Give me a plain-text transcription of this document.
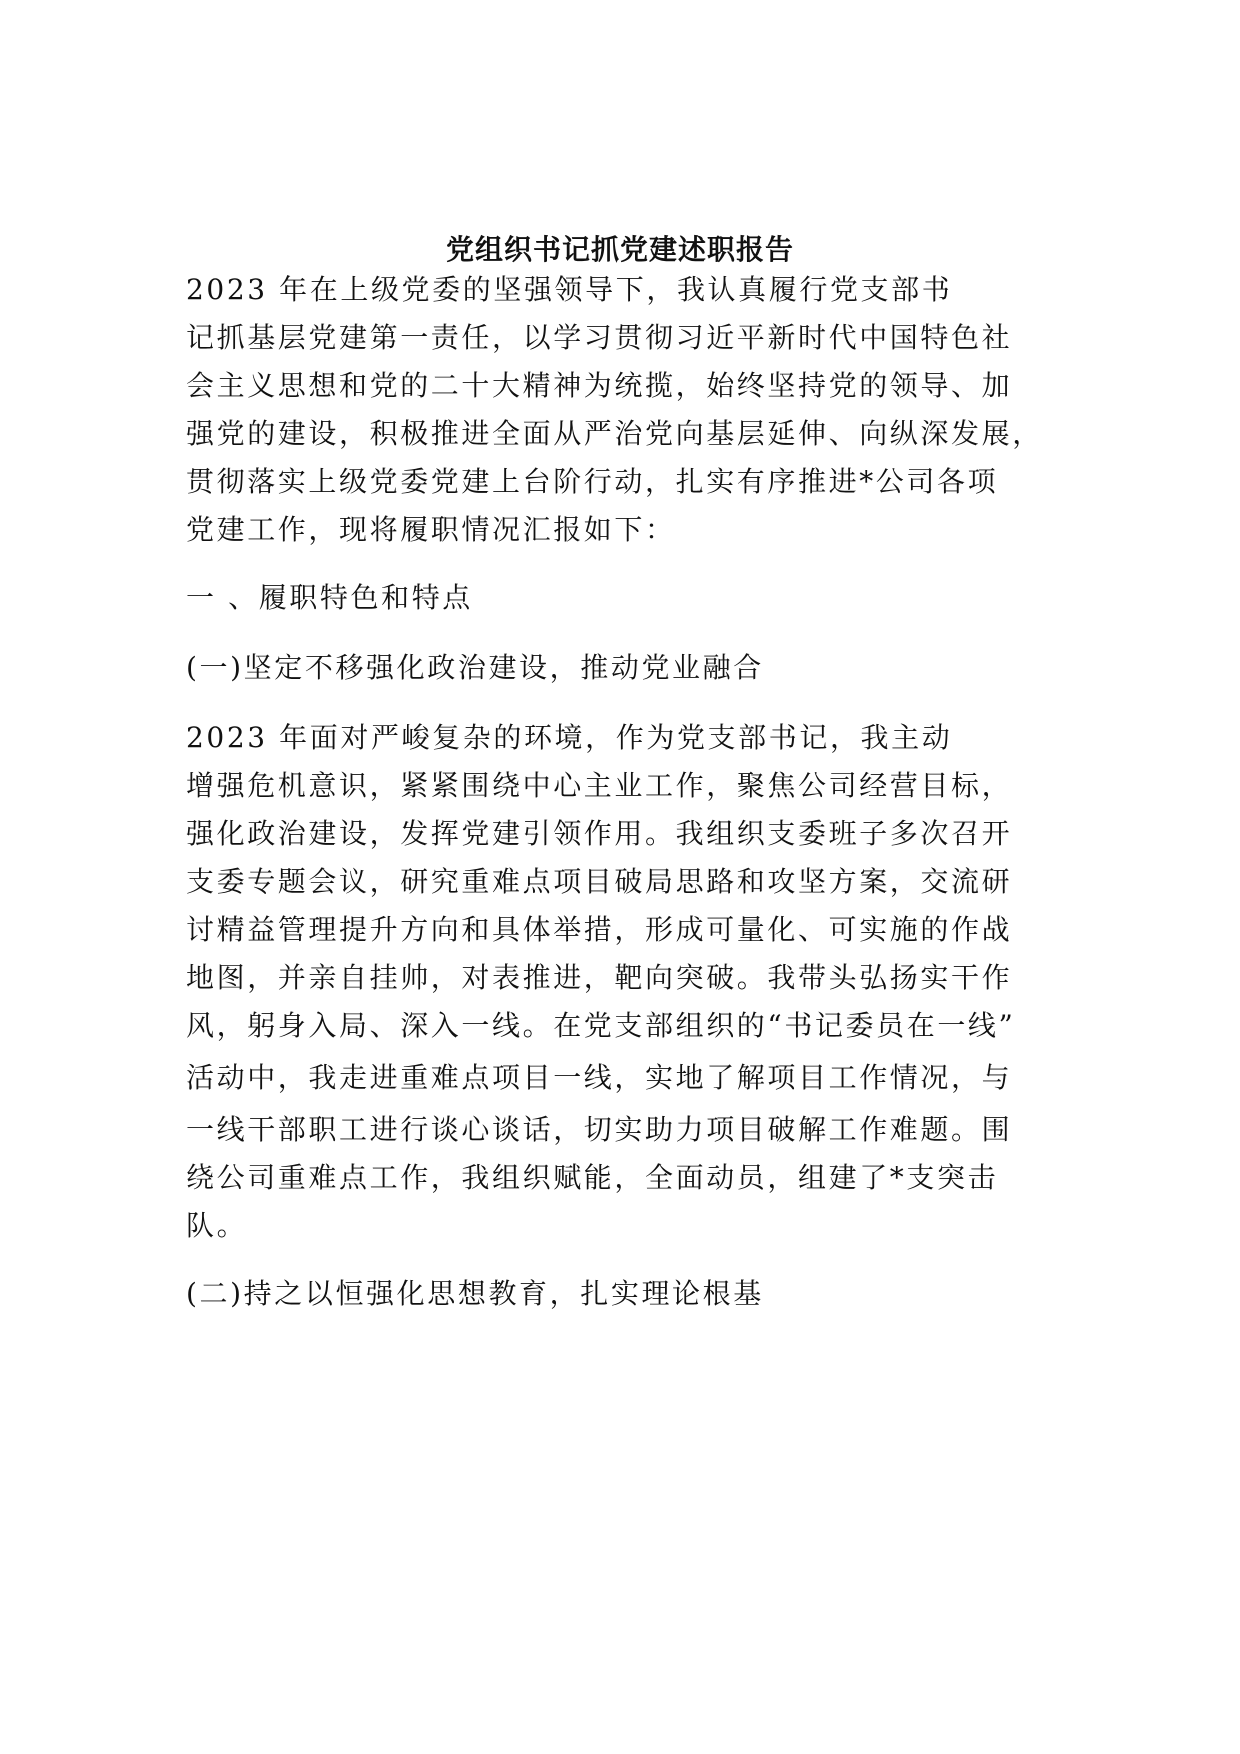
党组织书记抓党建述职报告
2023 年在上级党委的坚强领导下，我认真履行党支部书
记抓基层党建第一责任，以学习贯彻习近平新时代中国特色社
会主义思想和党的二十大精神为统揽，始终坚持党的领导、加
强党的建设，积极推进全面从严治党向基层延伸、向纵深发展，
贯彻落实上级党委党建上台阶行动，扎实有序推进*公司各项
党建工作，现将履职情况汇报如下：
一 、履职特色和特点
(一)坚定不移强化政治建设，推动党业融合
2023 年面对严峻复杂的环境，作为党支部书记，我主动
增强危机意识，紧紧围绕中心主业工作，聚焦公司经营目标，
强化政治建设，发挥党建引领作用。我组织支委班子多次召开
支委专题会议，研究重难点项目破局思路和攻坚方案，交流研
讨精益管理提升方向和具体举措，形成可量化、可实施的作战
地图，并亲自挂帅，对表推进，靶向突破。我带头弘扬实干作
风，躬身入局、深入一线。在党支部组织的“书记委员在一线”
活动中，我走进重难点项目一线，实地了解项目工作情况，与
一线干部职工进行谈心谈话，切实助力项目破解工作难题。围
绕公司重难点工作，我组织赋能，全面动员，组建了*支突击
队。
(二)持之以恒强化思想教育，扎实理论根基
